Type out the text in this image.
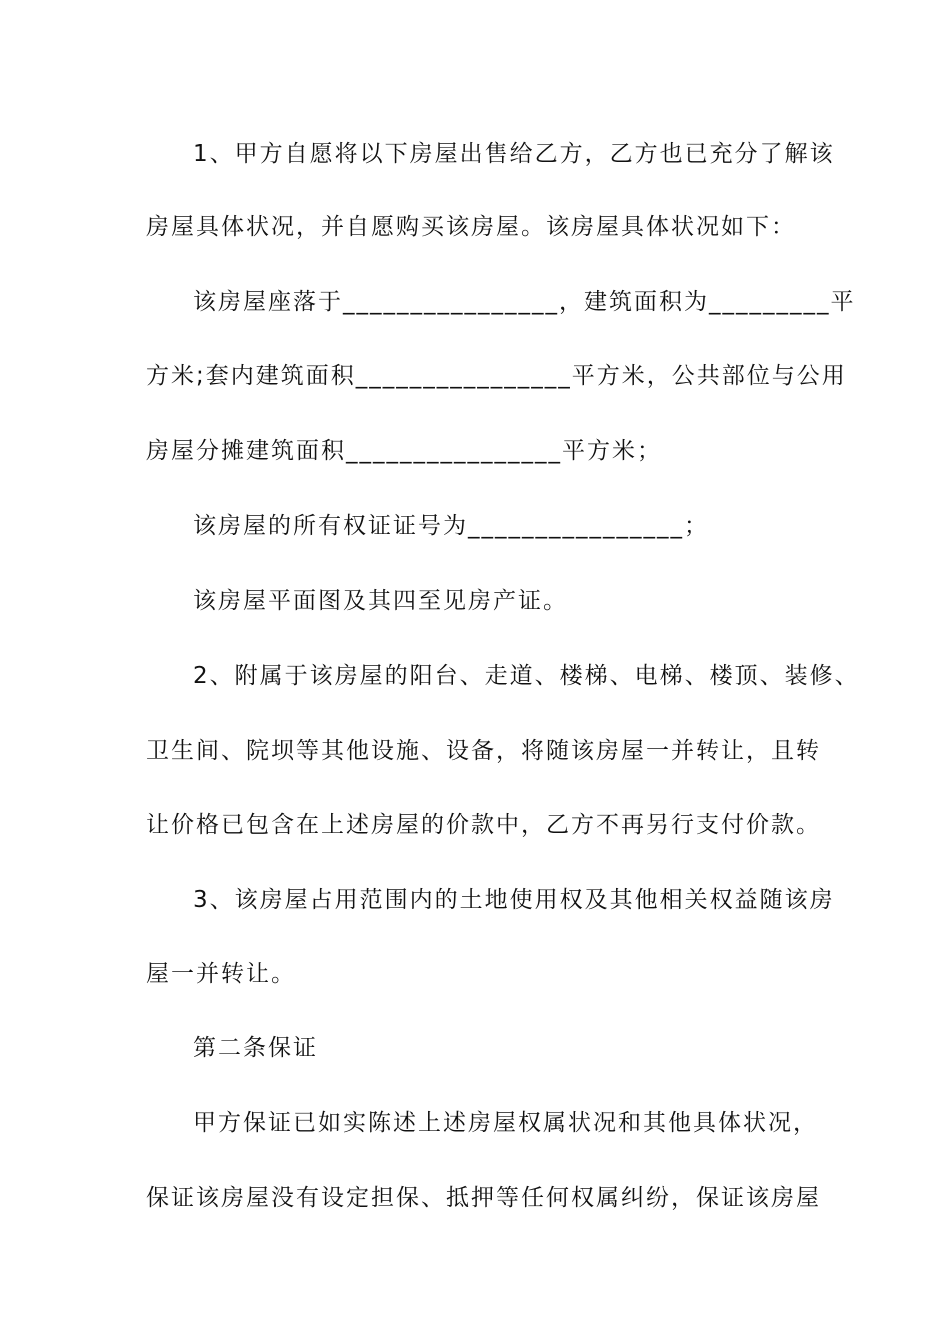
1、甲方自愿将以下房屋出售给乙方，乙方也已充分了解该
房屋具体状况，并自愿购买该房屋。该房屋具体状况如下：
该房屋座落于________________，建筑面积为_________平
方米;套内建筑面积________________平方米，公共部位与公用
房屋分摊建筑面积________________平方米；
该房屋的所有权证证号为________________；
该房屋平面图及其四至见房产证。
2、附属于该房屋的阳台、走道、楼梯、电梯、楼顶、装修、
卫生间、院坝等其他设施、设备，将随该房屋一并转让，且转
让价格已包含在上述房屋的价款中，乙方不再另行支付价款。
3、该房屋占用范围内的土地使用权及其他相关权益随该房
屋一并转让。
第二条保证
甲方保证已如实陈述上述房屋权属状况和其他具体状况，
保证该房屋没有设定担保、抵押等任何权属纠纷，保证该房屋
